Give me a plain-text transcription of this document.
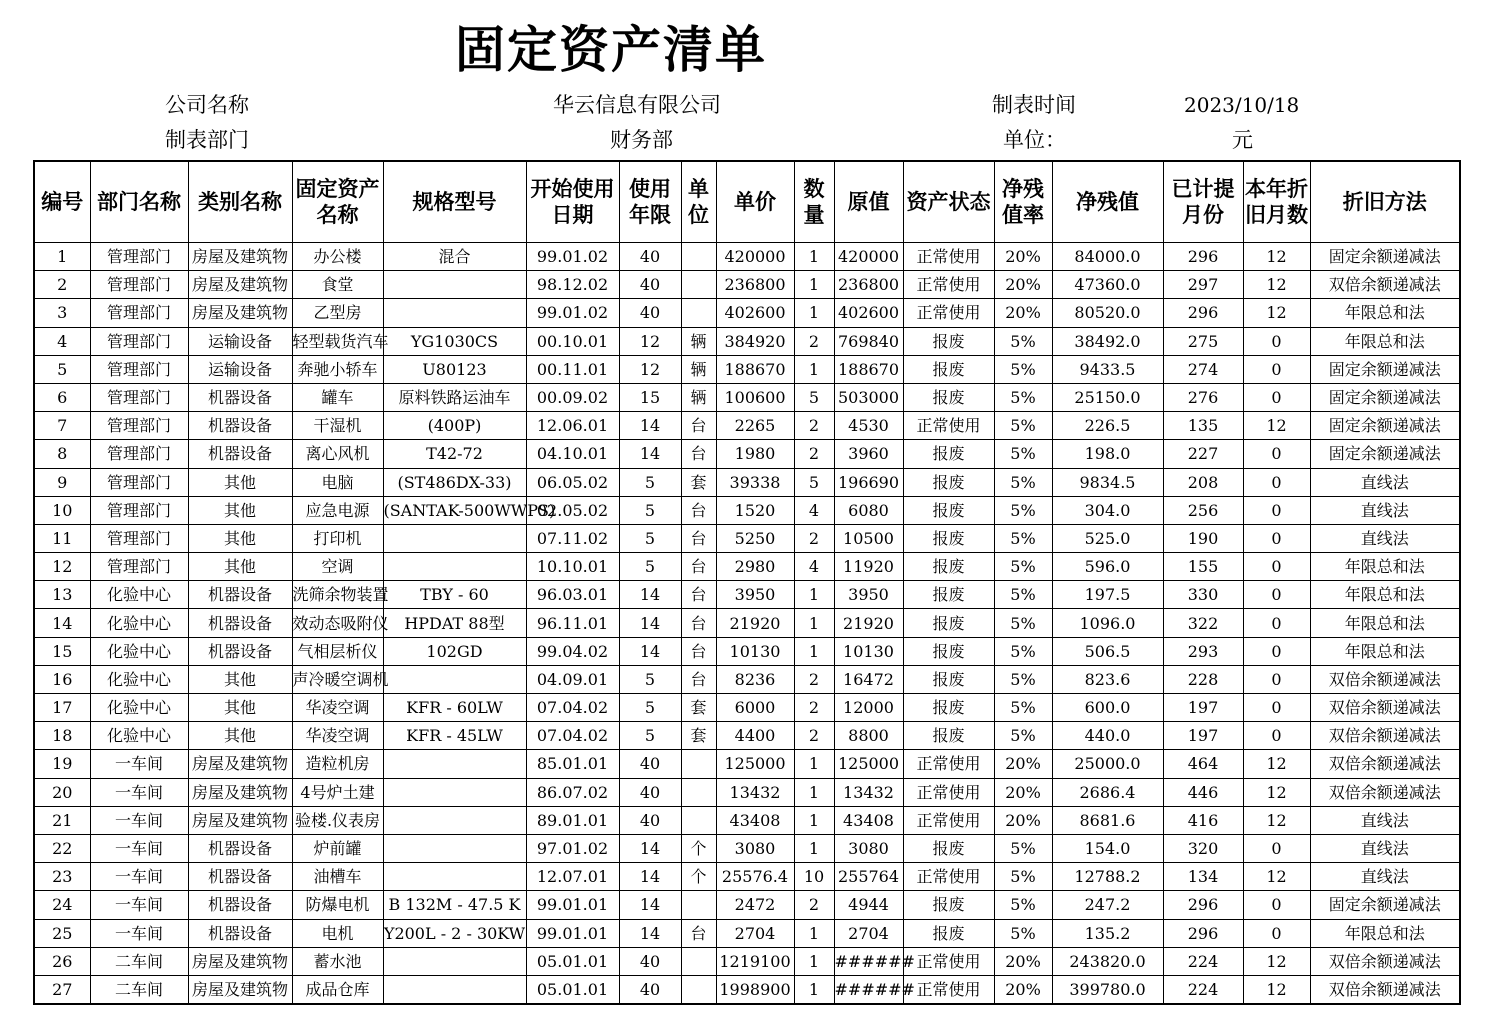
固定资产清单
公司名称	华云信息有限公司	制表时间	2023/10/18
制表部门	财务部	单位：	元
编号	部门名称	类别名称	固定资产名称	规格型号	开始使用日期	使用年限	单位	单价	数量	原值	资产状态	净残值率	净残值	已计提月份	本年折旧月数	折旧方法
1	管理部门	房屋及建筑物	办公楼	混合	99.01.02	40		420000	1	420000	正常使用	20%	84000.0	296	12	固定余额递减法
2	管理部门	房屋及建筑物	食堂		98.12.02	40		236800	1	236800	正常使用	20%	47360.0	297	12	双倍余额递减法
3	管理部门	房屋及建筑物	乙型房		99.01.02	40		402600	1	402600	正常使用	20%	80520.0	296	12	年限总和法
4	管理部门	运输设备	轻型载货汽车	YG1030CS	00.10.01	12	辆	384920	2	769840	报废	5%	38492.0	275	0	年限总和法
5	管理部门	运输设备	奔驰小轿车	U80123	00.11.01	12	辆	188670	1	188670	报废	5%	9433.5	274	0	固定余额递减法
6	管理部门	机器设备	罐车	原料铁路运油车	00.09.02	15	辆	100600	5	503000	报废	5%	25150.0	276	0	固定余额递减法
7	管理部门	机器设备	干湿机	(400P)	12.06.01	14	台	2265	2	4530	正常使用	5%	226.5	135	12	固定余额递减法
8	管理部门	机器设备	离心风机	T42-72	04.10.01	14	台	1980	2	3960	报废	5%	198.0	227	0	固定余额递减法
9	管理部门	其他	电脑	(ST486DX-33)	06.05.02	5	套	39338	5	196690	报废	5%	9834.5	208	0	直线法
10	管理部门	其他	应急电源	(SANTAK-500WWPS)	02.05.02	5	台	1520	4	6080	报废	5%	304.0	256	0	直线法
11	管理部门	其他	打印机		07.11.02	5	台	5250	2	10500	报废	5%	525.0	190	0	直线法
12	管理部门	其他	空调		10.10.01	5	台	2980	4	11920	报废	5%	596.0	155	0	年限总和法
13	化验中心	机器设备	洗筛余物装置	TBY - 60	96.03.01	14	台	3950	1	3950	报废	5%	197.5	330	0	年限总和法
14	化验中心	机器设备	效动态吸附仪	HPDAT 88型	96.11.01	14	台	21920	1	21920	报废	5%	1096.0	322	0	年限总和法
15	化验中心	机器设备	气相层析仪	102GD	99.04.02	14	台	10130	1	10130	报废	5%	506.5	293	0	年限总和法
16	化验中心	其他	声冷暖空调机		04.09.01	5	台	8236	2	16472	报废	5%	823.6	228	0	双倍余额递减法
17	化验中心	其他	华凌空调	KFR - 60LW	07.04.02	5	套	6000	2	12000	报废	5%	600.0	197	0	双倍余额递减法
18	化验中心	其他	华凌空调	KFR - 45LW	07.04.02	5	套	4400	2	8800	报废	5%	440.0	197	0	双倍余额递减法
19	一车间	房屋及建筑物	造粒机房		85.01.01	40		125000	1	125000	正常使用	20%	25000.0	464	12	双倍余额递减法
20	一车间	房屋及建筑物	4号炉土建		86.07.02	40		13432	1	13432	正常使用	20%	2686.4	446	12	双倍余额递减法
21	一车间	房屋及建筑物	验楼.仪表房		89.01.01	40		43408	1	43408	正常使用	20%	8681.6	416	12	直线法
22	一车间	机器设备	炉前罐		97.01.02	14	个	3080	1	3080	报废	5%	154.0	320	0	直线法
23	一车间	机器设备	油槽车		12.07.01	14	个	25576.4	10	255764	正常使用	5%	12788.2	134	12	直线法
24	一车间	机器设备	防爆电机	B 132M - 47.5 K	99.01.01	14		2472	2	4944	报废	5%	247.2	296	0	固定余额递减法
25	一车间	机器设备	电机	Y200L - 2 - 30KW	99.01.01	14	台	2704	1	2704	报废	5%	135.2	296	0	年限总和法
26	二车间	房屋及建筑物	蓄水池		05.01.01	40		1219100	1	######	正常使用	20%	243820.0	224	12	双倍余额递减法
27	二车间	房屋及建筑物	成品仓库		05.01.01	40		1998900	1	######	正常使用	20%	399780.0	224	12	双倍余额递减法
